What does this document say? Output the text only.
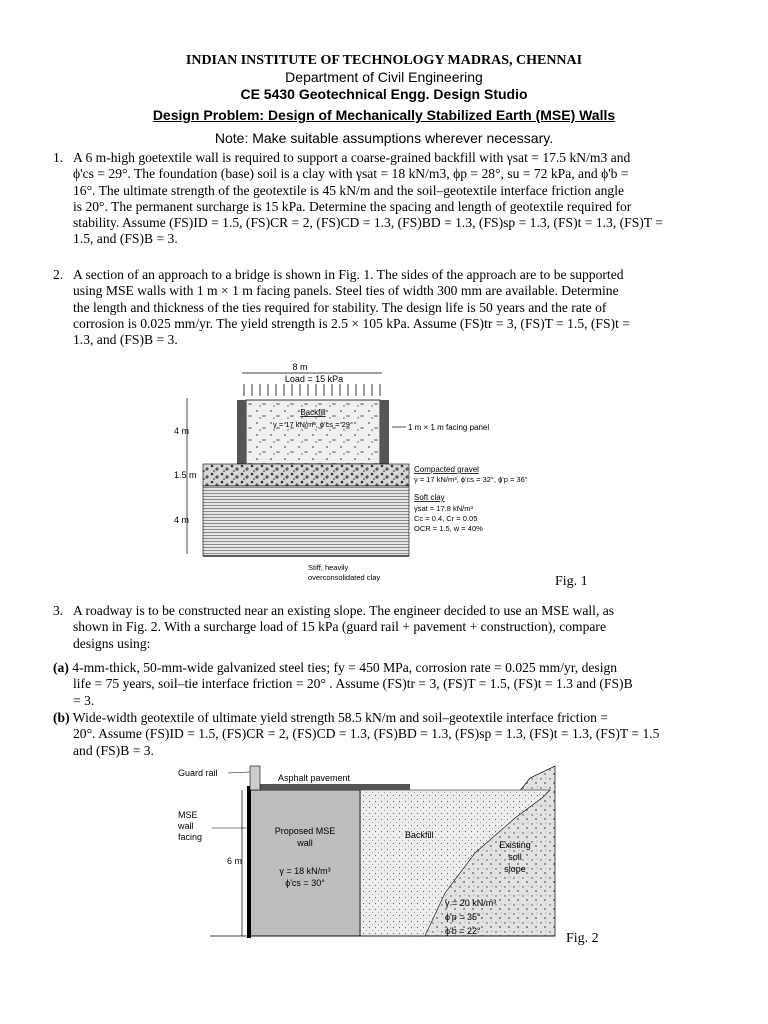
INDIAN INSTITUTE OF TECHNOLOGY MADRAS, CHENNAI
Department of Civil Engineering
CE 5430 Geotechnical Engg. Design Studio
Design Problem: Design of Mechanically Stabilized Earth (MSE) Walls
Note: Make suitable assumptions wherever necessary.
1. A 6 m-high goetextile wall is required to support a coarse-grained backfill with γsat = 17.5 kN/m3 and
ϕ'cs = 29°. The foundation (base) soil is a clay with γsat = 18 kN/m3, ϕp = 28°, su = 72 kPa, and ϕ'b =
16°. The ultimate strength of the geotextile is 45 kN/m and the soil–geotextile interface friction angle
is 20°. The permanent surcharge is 15 kPa. Determine the spacing and length of geotextile required for
stability. Assume (FS)ID = 1.5, (FS)CR = 2, (FS)CD = 1.3, (FS)BD = 1.3, (FS)sp = 1.3, (FS)t = 1.3, (FS)T =
1.5, and (FS)B = 3.
2. A section of an approach to a bridge is shown in Fig. 1. The sides of the approach are to be supported
using MSE walls with 1 m × 1 m facing panels. Steel ties of width 300 mm are available. Determine
the length and thickness of the ties required for stability. The design life is 50 years and the rate of
corrosion is 0.025 mm/yr. The yield strength is 2.5 × 105 kPa. Assume (FS)tr = 3, (FS)T = 1.5, (FS)t =
1.3, and (FS)B = 3.
8 m
Load = 15 kPa
Backfill
γ = 17 kN/m³, ϕ'cs = 29°	1 m × 1 m facing panel
4 m
1.5 m
4 m
Compacted gravel
γ = 17 kN/m³, ϕ'cs = 32°, ϕ'p = 36°
Soft clay
γsat = 17.8 kN/m³
Cc = 0.4, Cr = 0.05
OCR = 1.5, w = 40%
Stiff, heavily
overconsolidated clay	Fig. 1
3. A roadway is to be constructed near an existing slope. The engineer decided to use an MSE wall, as
shown in Fig. 2. With a surcharge load of 15 kPa (guard rail + pavement + construction), compare
designs using:
(a) 4-mm-thick, 50-mm-wide galvanized steel ties; fy = 450 MPa, corrosion rate = 0.025 mm/yr, design
life = 75 years, soil–tie interface friction = 20° . Assume (FS)tr = 3, (FS)T = 1.5, (FS)t = 1.3 and (FS)B
= 3.
(b) Wide-width geotextile of ultimate yield strength 58.5 kN/m and soil–geotextile interface friction =
20°. Assume (FS)ID = 1.5, (FS)CR = 2, (FS)CD = 1.3, (FS)BD = 1.3, (FS)sp = 1.3, (FS)t = 1.3, (FS)T = 1.5
and (FS)B = 3.
6 m
Guard rail	Asphalt pavement
MSE
wall
facing
Proposed MSE
wall
γ = 18 kN/m³
ϕ'cs = 30°
Backfill
Existing
soil
slope
γ = 20 kN/m³
ϕ'p = 35°
ϕ'b = 22°	Fig. 2
